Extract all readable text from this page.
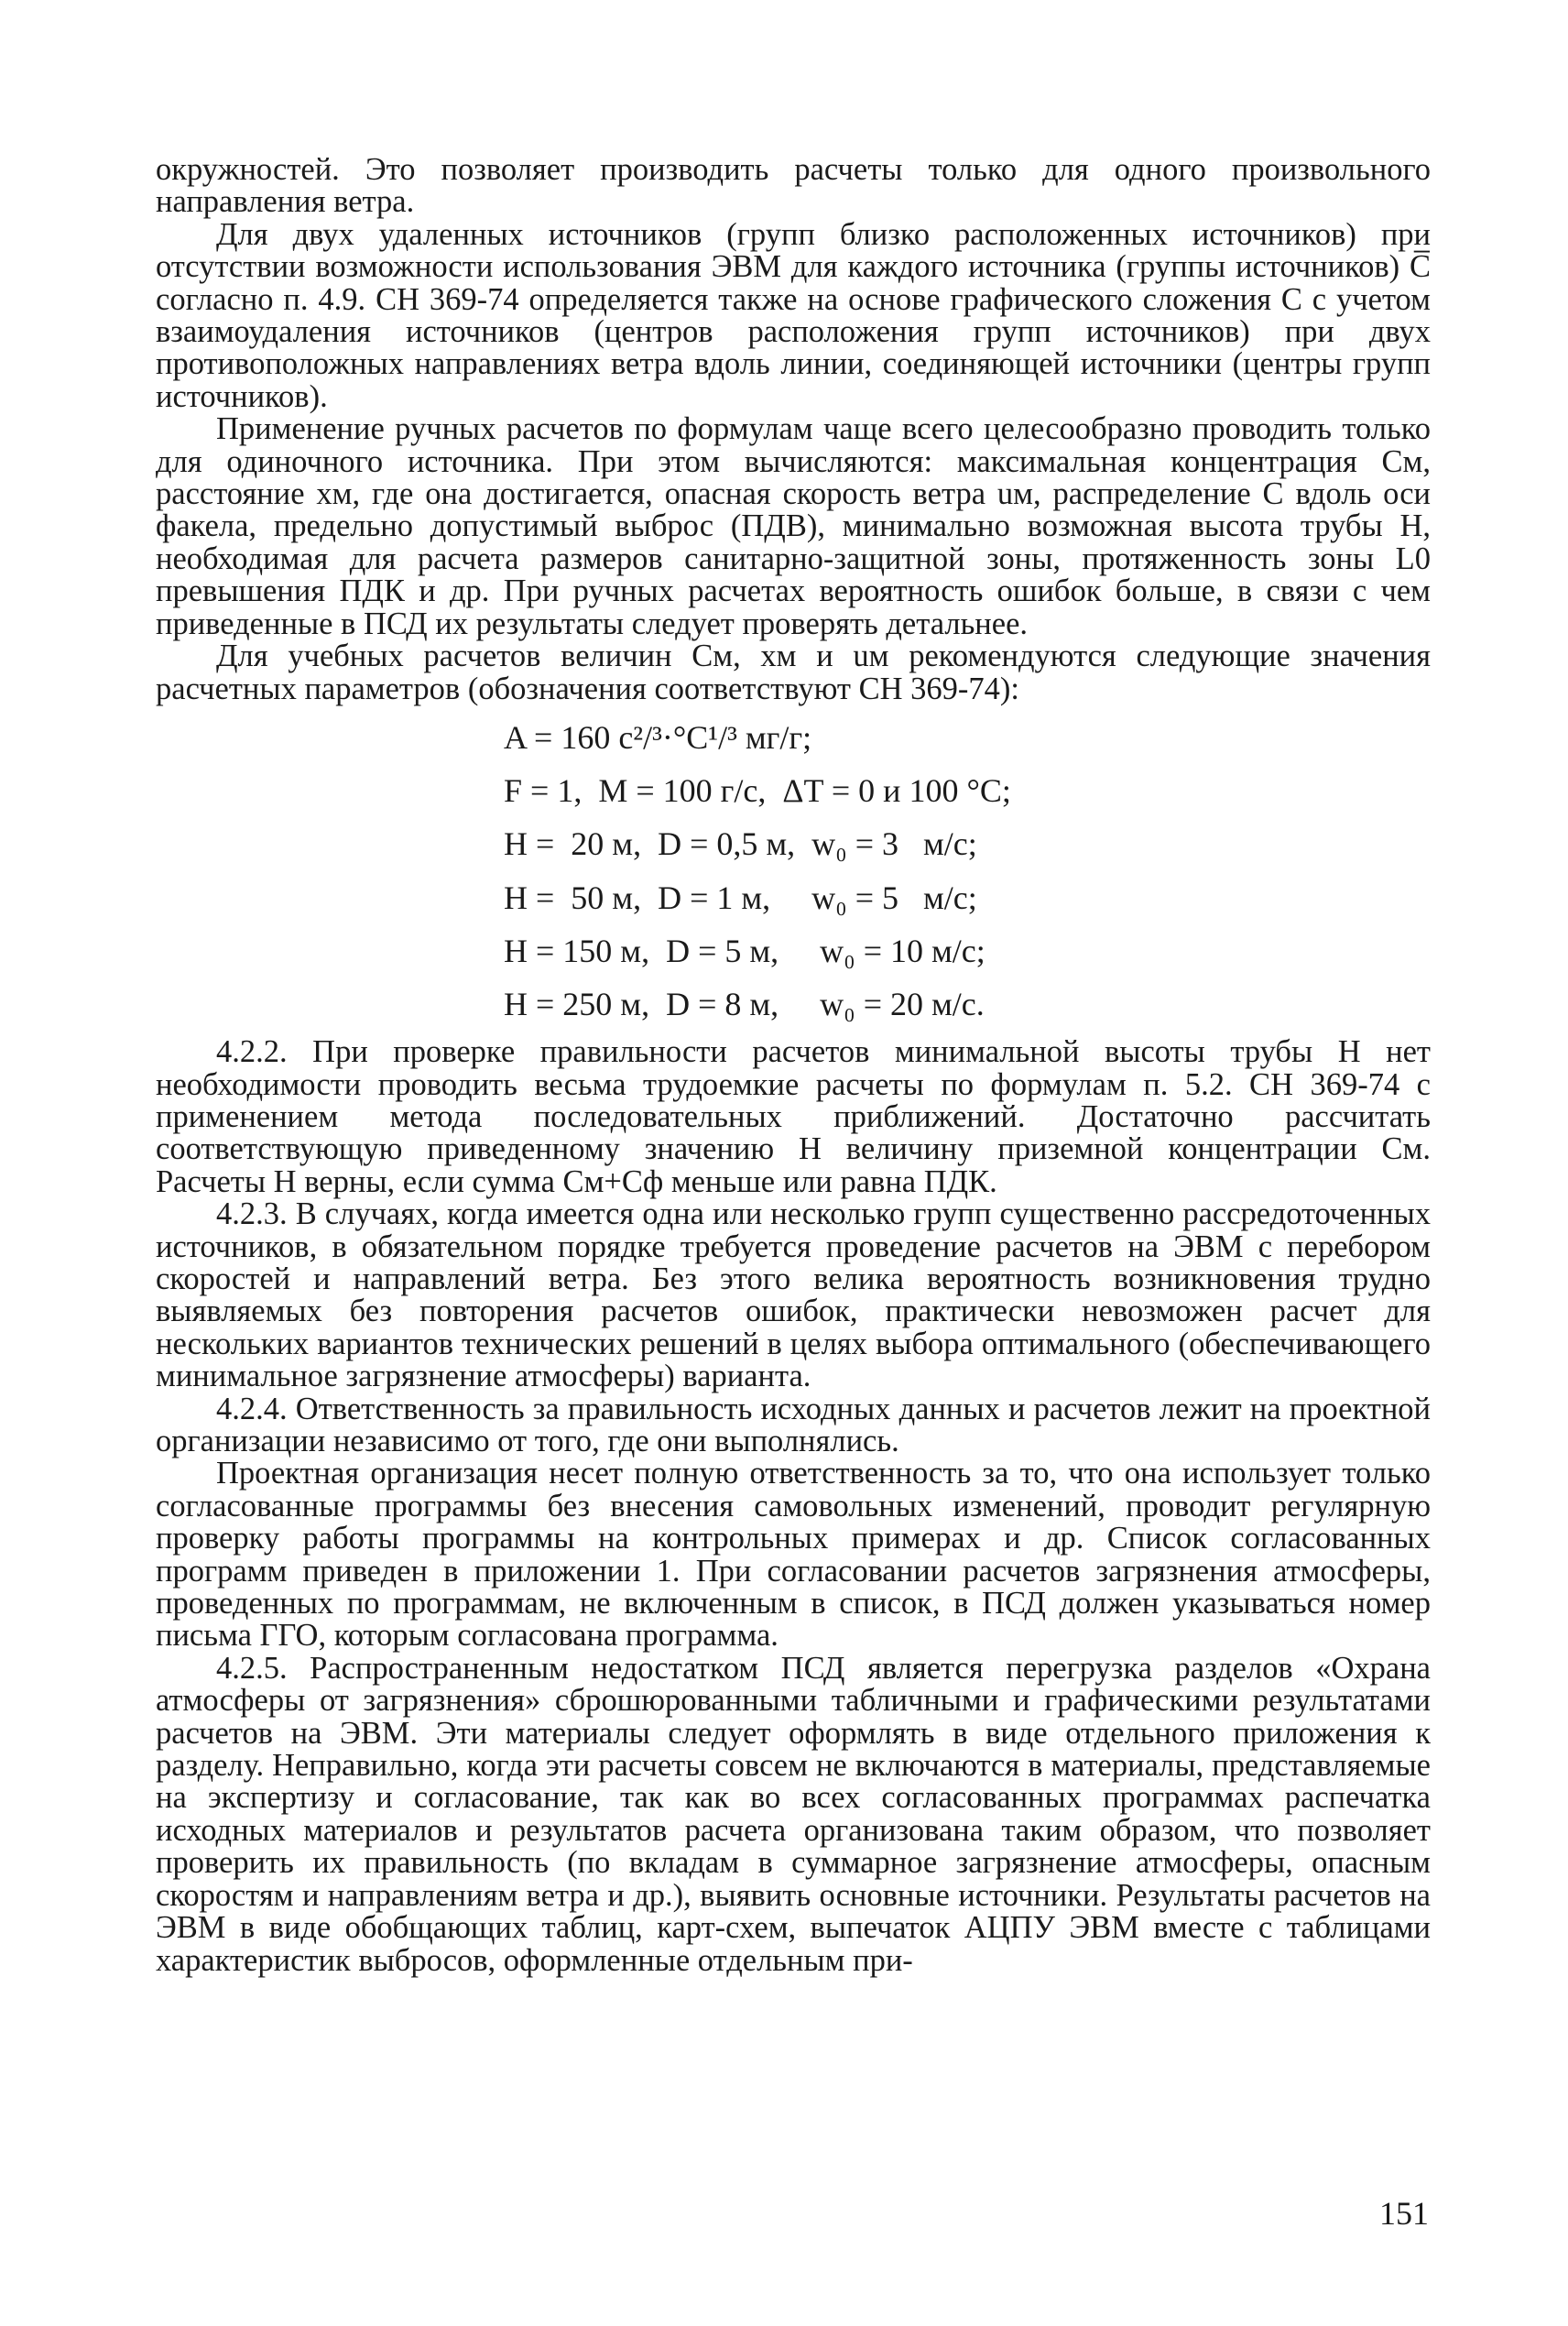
окружностей. Это позволяет производить расчеты только для одного произвольного направления ветра.

Для двух удаленных источников (групп близко расположенных источников) при отсутствии возможности использования ЭВМ для каждого источника (группы источников) C̅ согласно п. 4.9. СН 369-74 определяется также на основе графического сложения C с учетом взаимоудаления источников (центров расположения групп источников) при двух противоположных направлениях ветра вдоль линии, соединяющей источники (центры групп источников).

Применение ручных расчетов по формулам чаще всего целесообразно проводить только для одиночного источника. При этом вычисляются: максимальная концентрация Cм, расстояние xм, где она достигается, опасная скорость ветра uм, распределение C вдоль оси факела, предельно допустимый выброс (ПДВ), минимально возможная высота трубы H, необходимая для расчета размеров санитарно-защитной зоны, протяженность зоны L0 превышения ПДК и др. При ручных расчетах вероятность ошибок больше, в связи с чем приведенные в ПСД их результаты следует проверять детальнее.

Для учебных расчетов величин Cм, xм и uм рекомендуются следующие значения расчетных параметров (обозначения соответствуют СН 369-74):

A = 160 с²/³·°C¹/³ мг/г;

F = 1,  M = 100 г/с,  ΔT = 0 и 100 °C;

H =  20 м,  D = 0,5 м,  w₀ = 3   м/с;

H =  50 м,  D = 1 м,     w₀ = 5   м/с;

H = 150 м,  D = 5 м,     w₀ = 10 м/с;

H = 250 м,  D = 8 м,     w₀ = 20 м/с.

4.2.2. При проверке правильности расчетов минимальной высоты трубы H нет необходимости проводить весьма трудоемкие расчеты по формулам п. 5.2. СН 369-74 с применением метода последовательных приближений. Достаточно рассчитать соответствующую приведенному значению H величину приземной концентрации Cм. Расчеты H верны, если сумма Cм+Cф меньше или равна ПДК.

4.2.3. В случаях, когда имеется одна или несколько групп существенно рассредоточенных источников, в обязательном порядке требуется проведение расчетов на ЭВМ с перебором скоростей и направлений ветра. Без этого велика вероятность возникновения трудно выявляемых без повторения расчетов ошибок, практически невозможен расчет для нескольких вариантов технических решений в целях выбора оптимального (обеспечивающего минимальное загрязнение атмосферы) варианта.

4.2.4. Ответственность за правильность исходных данных и расчетов лежит на проектной организации независимо от того, где они выполнялись.

Проектная организация несет полную ответственность за то, что она использует только согласованные программы без внесения самовольных изменений, проводит регулярную проверку работы программы на контрольных примерах и др. Список согласованных программ приведен в приложении 1. При согласовании расчетов загрязнения атмосферы, проведенных по программам, не включенным в список, в ПСД должен указываться номер письма ГГО, которым согласована программа.

4.2.5. Распространенным недостатком ПСД является перегрузка разделов «Охрана атмосферы от загрязнения» сброшюрованными табличными и графическими результатами расчетов на ЭВМ. Эти материалы следует оформлять в виде отдельного приложения к разделу. Неправильно, когда эти расчеты совсем не включаются в материалы, представляемые на экспертизу и согласование, так как во всех согласованных программах распечатка исходных материалов и результатов расчета организована таким образом, что позволяет проверить их правильность (по вкладам в суммарное загрязнение атмосферы, опасным скоростям и направлениям ветра и др.), выявить основные источники. Результаты расчетов на ЭВМ в виде обобщающих таблиц, карт-схем, выпечаток АЦПУ ЭВМ вместе с таблицами характеристик выбросов, оформленные отдельным при-

151
